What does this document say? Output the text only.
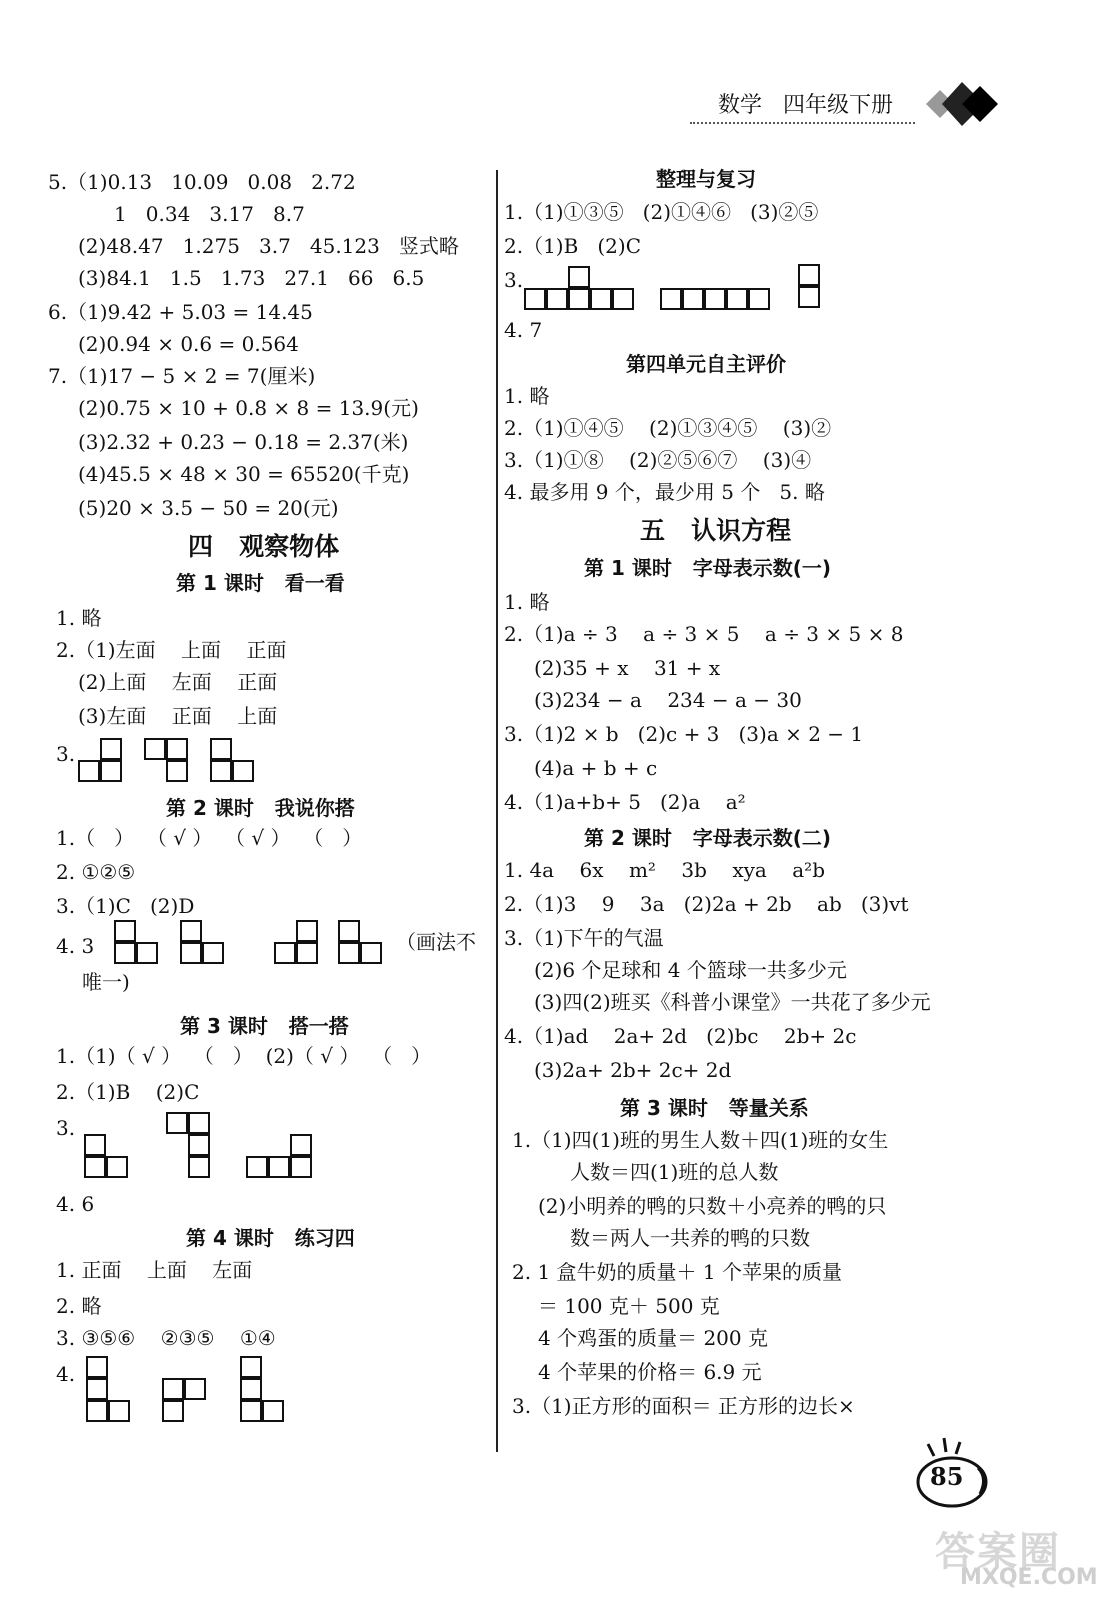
数学 四年级下册
5.（1)0.13   10.09   0.08   2.72
1   0.34   3.17   8.7
(2)48.47   1.275   3.7   45.123   竖式略
(3)84.1   1.5   1.73   27.1   66   6.5
6.（1)9.42 + 5.03 = 14.45
(2)0.94 × 0.6 = 0.564
7.（1)17 − 5 × 2 = 7(厘米)
(2)0.75 × 10 + 0.8 × 8 = 13.9(元)
(3)2.32 + 0.23 − 0.18 = 2.37(米)
(4)45.5 × 48 × 30 = 65520(千克)
(5)20 × 3.5 − 50 = 20(元)
四   观察物体
第 1 课时   看一看
1. 略
2.（1)左面    上面    正面
(2)上面    左面    正面
(3)左面    正面    上面
3.
第 2 课时   我说你搭
1.（   ）  （ √ ）  （ √ ）  （   ）
2. ①②⑤
3.（1)C   (2)D
4. 3	（画法不
唯一)
第 3 课时   搭一搭
1.（1)（ √ ）  （   ）  (2)（ √ ）  （   ）
2.（1)B    (2)C
3.
4. 6
第 4 课时   练习四
1. 正面    上面    左面
2. 略
3. ③⑤⑥    ②③⑤    ①④
4.
整理与复习
1.（1)①③⑤   (2)①④⑥   (3)②⑤
2.（1)B   (2)C
3.
4. 7
第四单元自主评价
1. 略
2.（1)①④⑤    (2)①③④⑤    (3)②
3.（1)①⑧    (2)②⑤⑥⑦    (3)④
4. 最多用 9 个，最少用 5 个   5. 略
五   认识方程
第 1 课时   字母表示数(一)
1. 略
2.（1)a ÷ 3    a ÷ 3 × 5    a ÷ 3 × 5 × 8
(2)35 + x    31 + x
(3)234 − a    234 − a − 30
3.（1)2 × b   (2)c + 3   (3)a × 2 − 1
(4)a + b + c
4.（1)a+b+ 5   (2)a    a²
第 2 课时   字母表示数(二)
1. 4a    6x    m²    3b    xya    a²b
2.（1)3    9    3a   (2)2a + 2b    ab   (3)vt
3.（1)下午的气温
(2)6 个足球和 4 个篮球一共多少元
(3)四(2)班买《科普小课堂》一共花了多少元
4.（1)ad    2a+ 2d   (2)bc    2b+ 2c
(3)2a+ 2b+ 2c+ 2d
第 3 课时   等量关系
1.（1)四(1)班的男生人数＋四(1)班的女生
人数＝四(1)班的总人数
(2)小明养的鸭的只数＋小亮养的鸭的只
数＝两人一共养的鸭的只数
2. 1 盒牛奶的质量＋ 1 个苹果的质量
＝ 100 克＋ 500 克
4 个鸡蛋的质量＝ 200 克
4 个苹果的价格＝ 6.9 元
3.（1)正方形的面积＝ 正方形的边长×
85
答案圈
MXQE.COM
